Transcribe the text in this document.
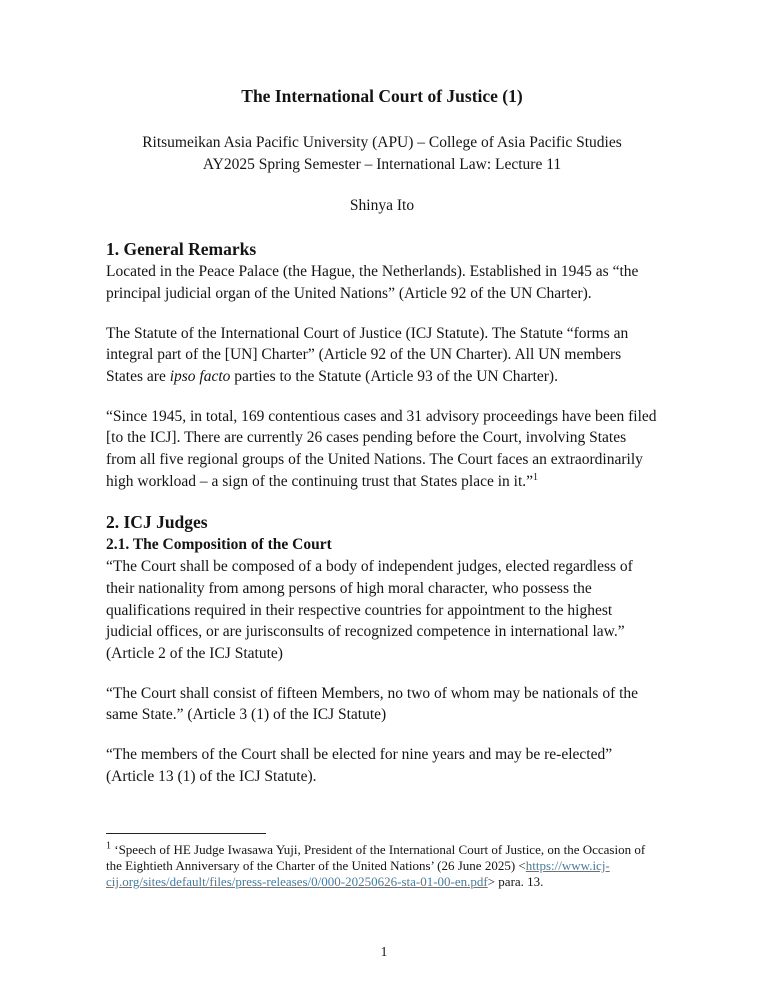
The International Court of Justice (1)
Ritsumeikan Asia Pacific University (APU) – College of Asia Pacific Studies
AY2025 Spring Semester – International Law: Lecture 11
Shinya Ito
1. General Remarks

Located in the Peace Palace (the Hague, the Netherlands). Established in 1945 as “the principal judicial organ of the United Nations” (Article 92 of the UN Charter).

The Statute of the International Court of Justice (ICJ Statute). The Statute “forms an integral part of the [UN] Charter” (Article 92 of the UN Charter). All UN members States are ipso facto parties to the Statute (Article 93 of the UN Charter).

“Since 1945, in total, 169 contentious cases and 31 advisory proceedings have been filed [to the ICJ]. There are currently 26 cases pending before the Court, involving States from all five regional groups of the United Nations. The Court faces an extraordinarily high workload – a sign of the continuing trust that States place in it.”$^1$

2. ICJ Judges
2.1. The Composition of the Court

“The Court shall be composed of a body of independent judges, elected regardless of their nationality from among persons of high moral character, who possess the qualifications required in their respective countries for appointment to the highest judicial offices, or are jurisconsults of recognized competence in international law.” (Article 2 of the ICJ Statute)

“The Court shall consist of fifteen Members, no two of whom may be nationals of the same State.” (Article 3 (1) of the ICJ Statute)

“The members of the Court shall be elected for nine years and may be re-elected” (Article 13 (1) of the ICJ Statute).

$^1$ ‘Speech of HE Judge Iwasawa Yuji, President of the International Court of Justice, on the Occasion of the Eightieth Anniversary of the Charter of the United Nations’ (26 June 2025) <https://www.icj-cij.org/sites/default/files/press-releases/0/000-20250626-sta-01-00-en.pdf> para. 13.
1
